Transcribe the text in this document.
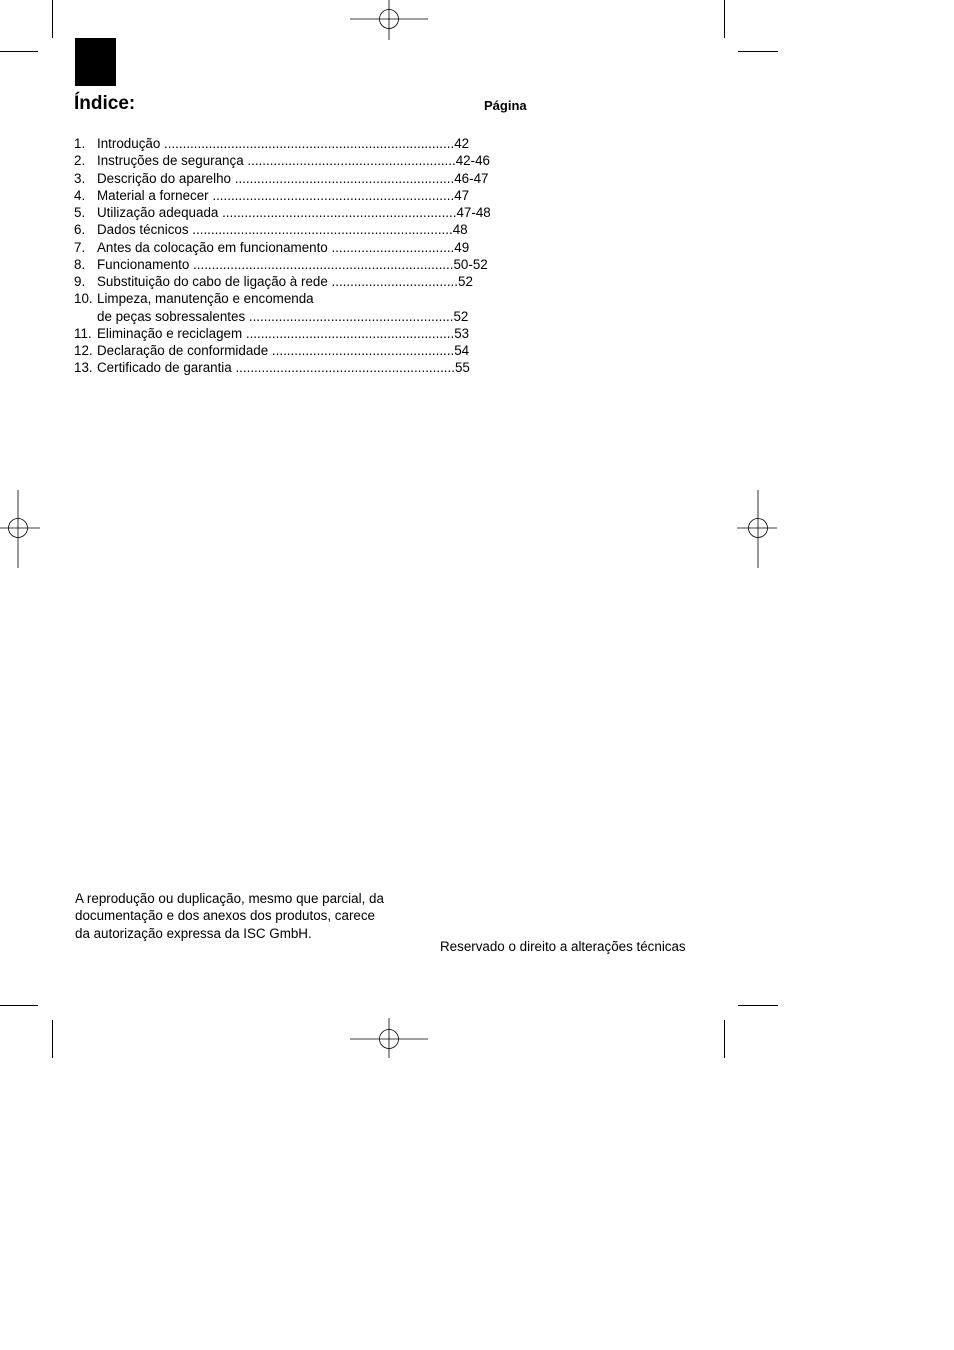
Índice:	Página
1. Introdução .............................................................................. 42
2. Instruções de segurança ........................................................ 42-46
3. Descrição do aparelho ........................................................... 46-47
4. Material a fornecer ................................................................. 47
5. Utilização adequada ............................................................... 47-48
6. Dados técnicos ...................................................................... 48
7. Antes da colocação em funcionamento ................................. 49
8. Funcionamento ...................................................................... 50-52
9. Substituição do cabo de ligação à rede .................................. 52
10. Limpeza, manutenção e encomenda
de peças sobressalentes ....................................................... 52
11. Eliminação e reciclagem ........................................................ 53
12. Declaração de conformidade ................................................. 54
13. Certificado de garantia ........................................................... 55
A reprodução ou duplicação, mesmo que parcial, da documentação e dos anexos dos produtos, carece da autorização expressa da ISC GmbH.
Reservado o direito a alterações técnicas
